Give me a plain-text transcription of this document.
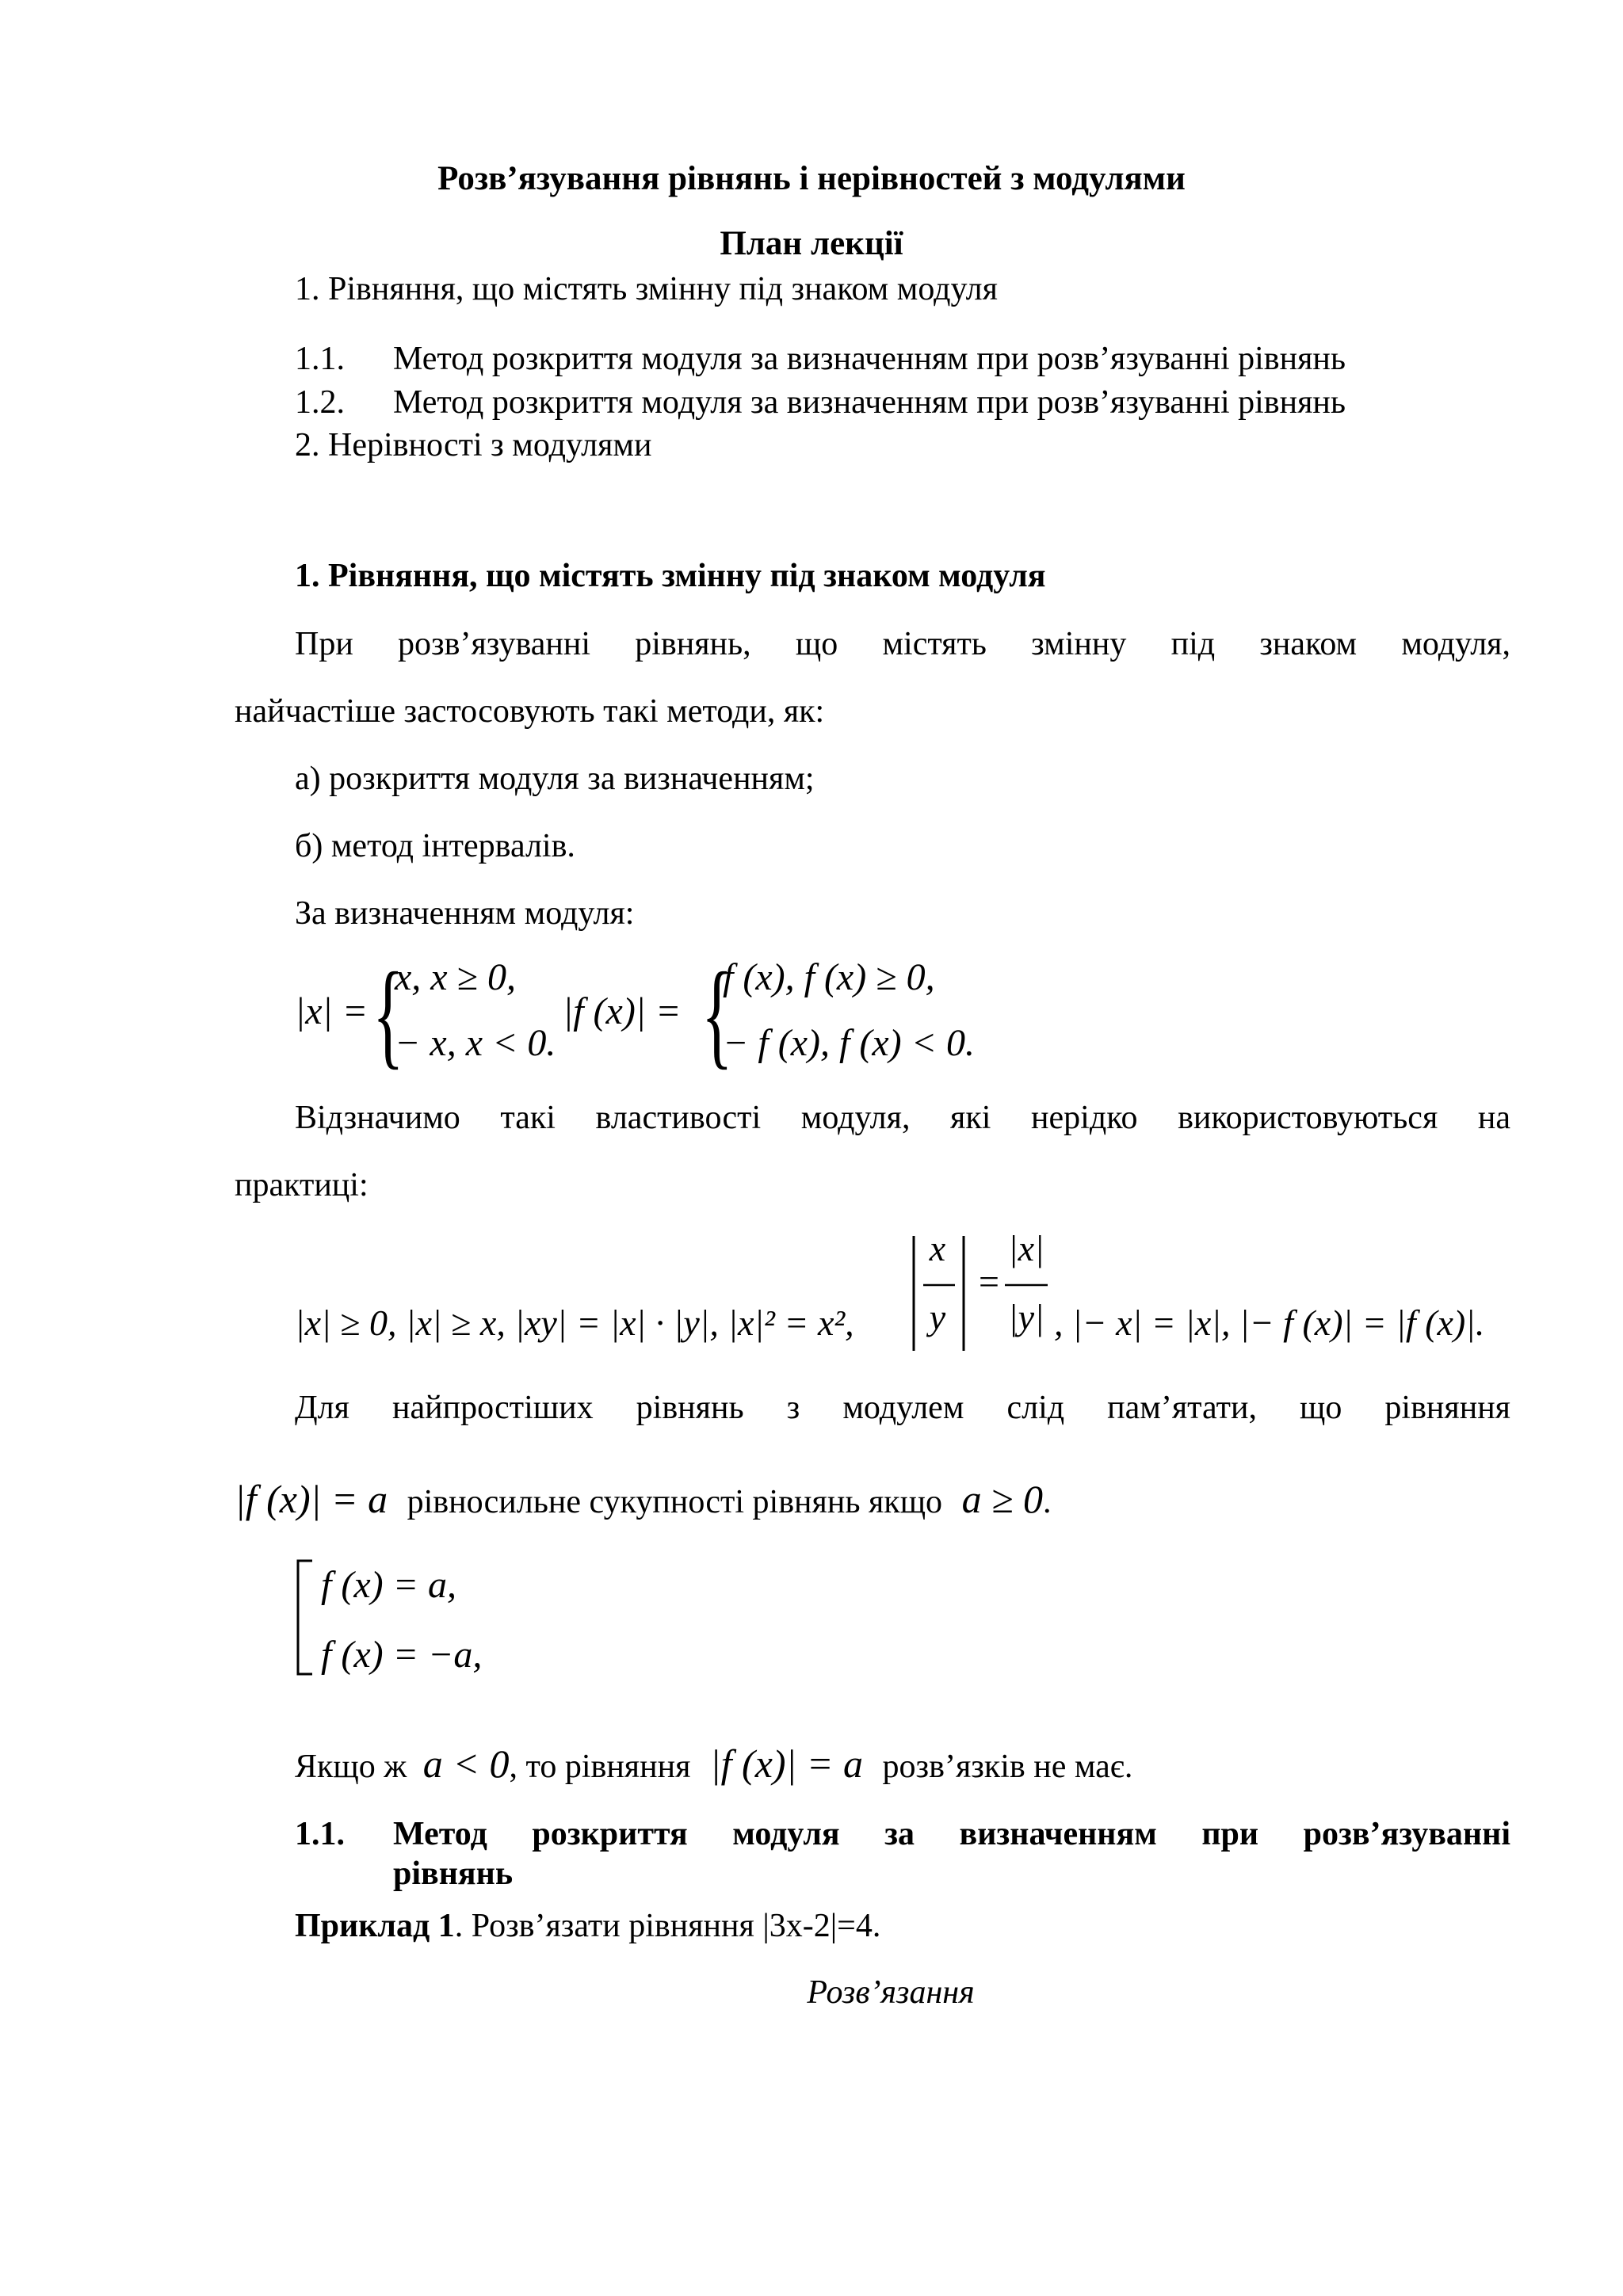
Розв’язування рівнянь і нерівностей з модулями

План лекції

1. Рівняння, що містять змінну під знаком модуля

1.1. Метод розкриття модуля за визначенням при розв’язуванні рівнянь

1.2. Метод розкриття модуля за визначенням при розв’язуванні рівнянь

2. Нерівності з модулями

1. Рівняння, що містять змінну під знаком модуля

При розв’язуванні рівнянь, що містять змінну під знаком модуля,

найчастіше застосовують такі методи, як:

а) розкриття модуля за визначенням;

б) метод інтервалів.

За визначенням модуля:

|x| = {
x, x ≥ 0,
− x, x < 0.
|f (x)| = {
f (x), f (x) ≥ 0,
− f (x), f (x) < 0.

Відзначимо такі властивості модуля, які нерідко використовуються на

практиці:

|x| ≥ 0, |x| ≥ x, |xy| = |x| · |y|, |x|² = x²,
x
y
=
|x|
|y| , |− x| = |x|, |− f (x)| = |f (x)|.

Для найпростіших рівнянь з модулем слід пам’ятати, що рівняння

|f (x)| = a рівносильне сукупності рівнянь якщо a ≥ 0.

f (x) = a,
f (x) = −a,

Якщо ж a < 0, то рівняння |f (x)| = a розв’язків не має.

1.1. Метод розкриття модуля за визначенням при розв’язуванні

рівнянь

Приклад 1. Розв’язати рівняння |3x-2|=4.

Розв’язання
